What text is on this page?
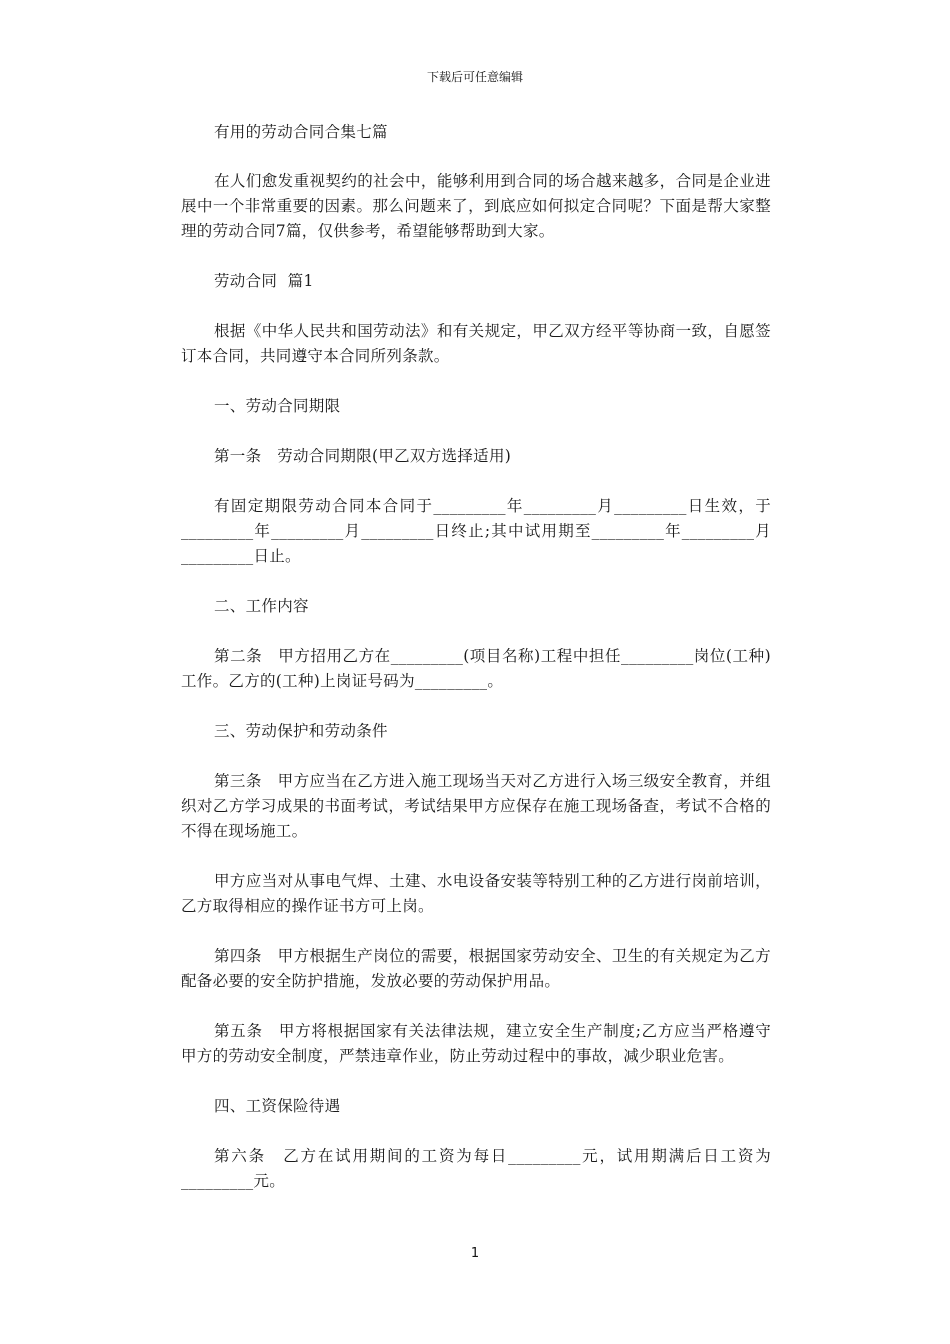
下载后可任意编辑

有用的劳动合同合集七篇

在人们愈发重视契约的社会中，能够利用到合同的场合越来越多，合同是企业进展中一个非常重要的因素。那么问题来了，到底应如何拟定合同呢？下面是帮大家整理的劳动合同7篇，仅供参考，希望能够帮助到大家。

劳动合同  篇1

根据《中华人民共和国劳动法》和有关规定，甲乙双方经平等协商一致，自愿签订本合同，共同遵守本合同所列条款。

一、劳动合同期限

第一条　劳动合同期限(甲乙双方选择适用)

有固定期限劳动合同本合同于_________年_________月_________日生效，于_________年_________月_________日终止;其中试用期至_________年_________月_________日止。

二、工作内容

第二条　甲方招用乙方在_________(项目名称)工程中担任_________岗位(工种)工作。乙方的(工种)上岗证号码为_________。

三、劳动保护和劳动条件

第三条　甲方应当在乙方进入施工现场当天对乙方进行入场三级安全教育，并组织对乙方学习成果的书面考试，考试结果甲方应保存在施工现场备查，考试不合格的不得在现场施工。

甲方应当对从事电气焊、土建、水电设备安装等特别工种的乙方进行岗前培训，乙方取得相应的操作证书方可上岗。

第四条　甲方根据生产岗位的需要，根据国家劳动安全、卫生的有关规定为乙方配备必要的安全防护措施，发放必要的劳动保护用品。

第五条　甲方将根据国家有关法律法规，建立安全生产制度;乙方应当严格遵守甲方的劳动安全制度，严禁违章作业，防止劳动过程中的事故，减少职业危害。

四、工资保险待遇

第六条　乙方在试用期间的工资为每日_________元，试用期满后日工资为_________元。

1
